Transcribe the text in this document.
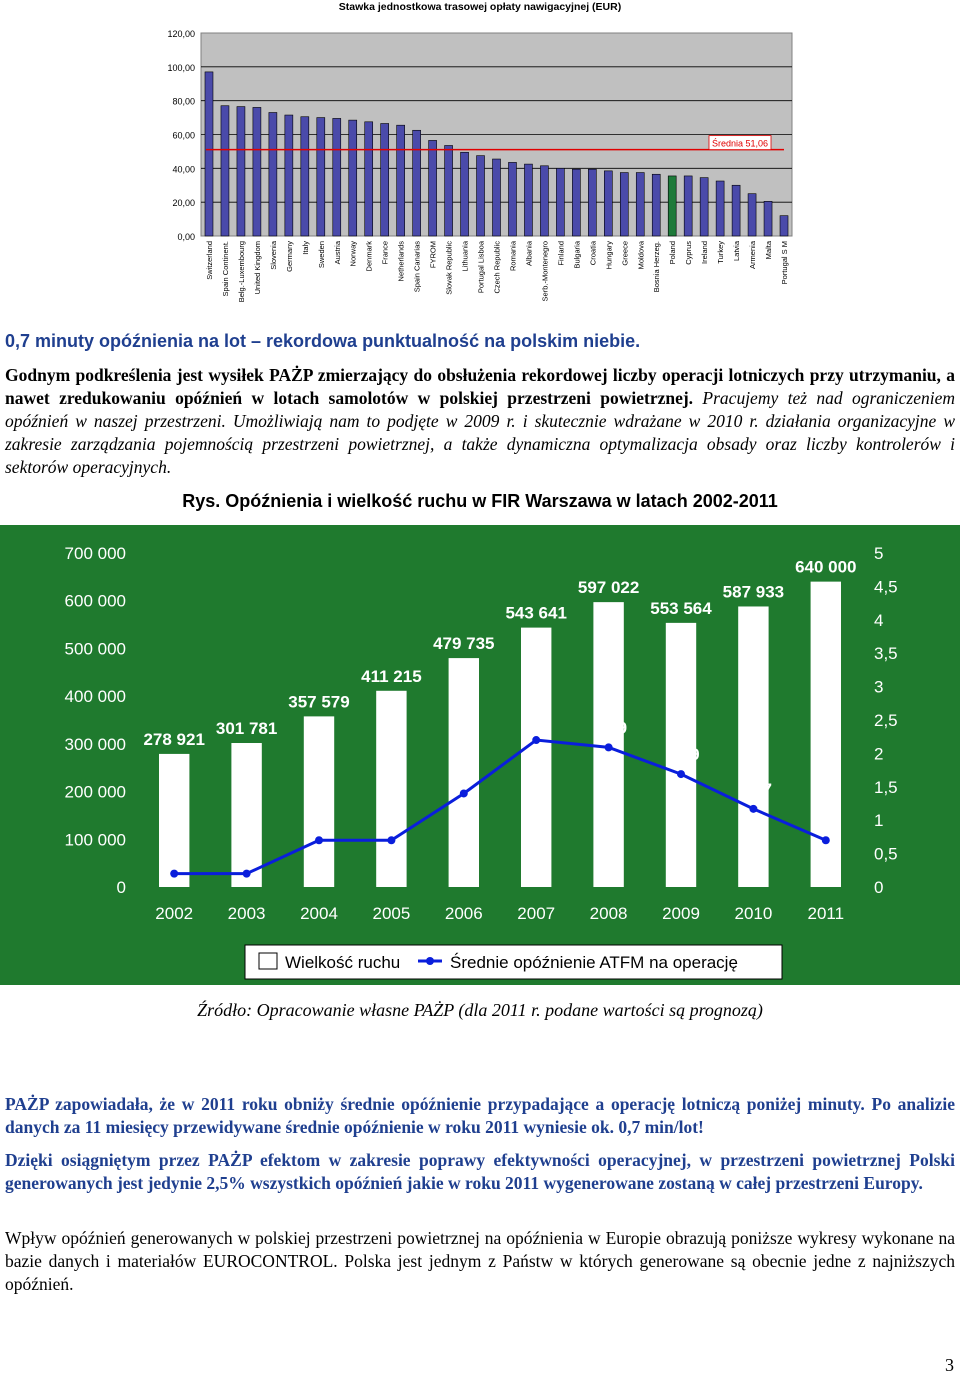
Stawka jednostkowa trasowej opłaty nawigacyjnej (EUR)
0,00
20,00
40,00
60,00
80,00
100,00
120,00
Switzerland Spain Continent. Belg.-Luxembourg United Kingdom Slovenia Germany Italy Sweden Austria Norway Denmark France Netherlands Spain Canarias FYROM Slovak Republic Lithuania Portugal Lisboa Czech Republic Romania Albania Serb.-Montenegro Finland Bulgaria Croatia Hungary Greece Moldova Bosnia Herzeg. Poland Cyprus Ireland Turkey Latvia Armenia Malta Portugal S M
Średnia 51,06
0,7 minuty opóźnienia na lot – rekordowa punktualność na polskim niebie.
Godnym podkreślenia jest wysiłek PAŻP zmierzający do obsłużenia rekordowej liczby operacji lotniczych przy utrzymaniu, a nawet zredukowaniu opóźnień w lotach samolotów w polskiej przestrzeni powietrznej. Pracujemy też nad ograniczeniem opóźnień w naszej przestrzeni. Umożliwiają nam to podjęte w 2009 r. i skutecznie wdrażane w 2010 r. działania organizacyjne w zakresie zarządzania pojemnością przestrzeni powietrznej, a także dynamiczna optymalizacja obsady oraz liczby kontrolerów i sektorów operacyjnych.
Rys. Opóźnienia i wielkość ruchu w FIR Warszawa w latach 2002-2011
0
100 000
200 000
300 000
400 000
500 000
600 000
700 000
0
0,5
1
1,5
2
2,5
3
3,5
4
4,5
5
278 921
301 781
357 579
411 215
479 735
543 641
597 022
553 564
587 933
640 000
0,2	0,2
0,7	0,7
1,4
2,2	2,09
1,69
1,17
0,7
2002 2003 2004 2005 2006 2007 2008 2009 2010 2011
Wielkość ruchu	Średnie opóźnienie ATFM na operację
Źródło: Opracowanie własne PAŻP (dla 2011 r. podane wartości są prognozą)
PAŻP zapowiadała, że w 2011 roku obniży średnie opóźnienie przypadające a operację lotniczą poniżej minuty. Po analizie danych za 11 miesięcy przewidywane średnie opóźnienie w roku 2011 wyniesie ok. 0,7 min/lot!
Dzięki osiągniętym przez PAŻP efektom w zakresie poprawy efektywności operacyjnej, w przestrzeni powietrznej Polski generowanych jest jedynie 2,5% wszystkich opóźnień jakie w roku 2011 wygenerowane zostaną w całej przestrzeni Europy.
Wpływ opóźnień generowanych w polskiej przestrzeni powietrznej na opóźnienia w Europie obrazują poniższe wykresy wykonane na bazie danych i materiałów EUROCONTROL. Polska jest jednym z Państw w których generowane są obecnie jedne z najniższych opóźnień.
3
